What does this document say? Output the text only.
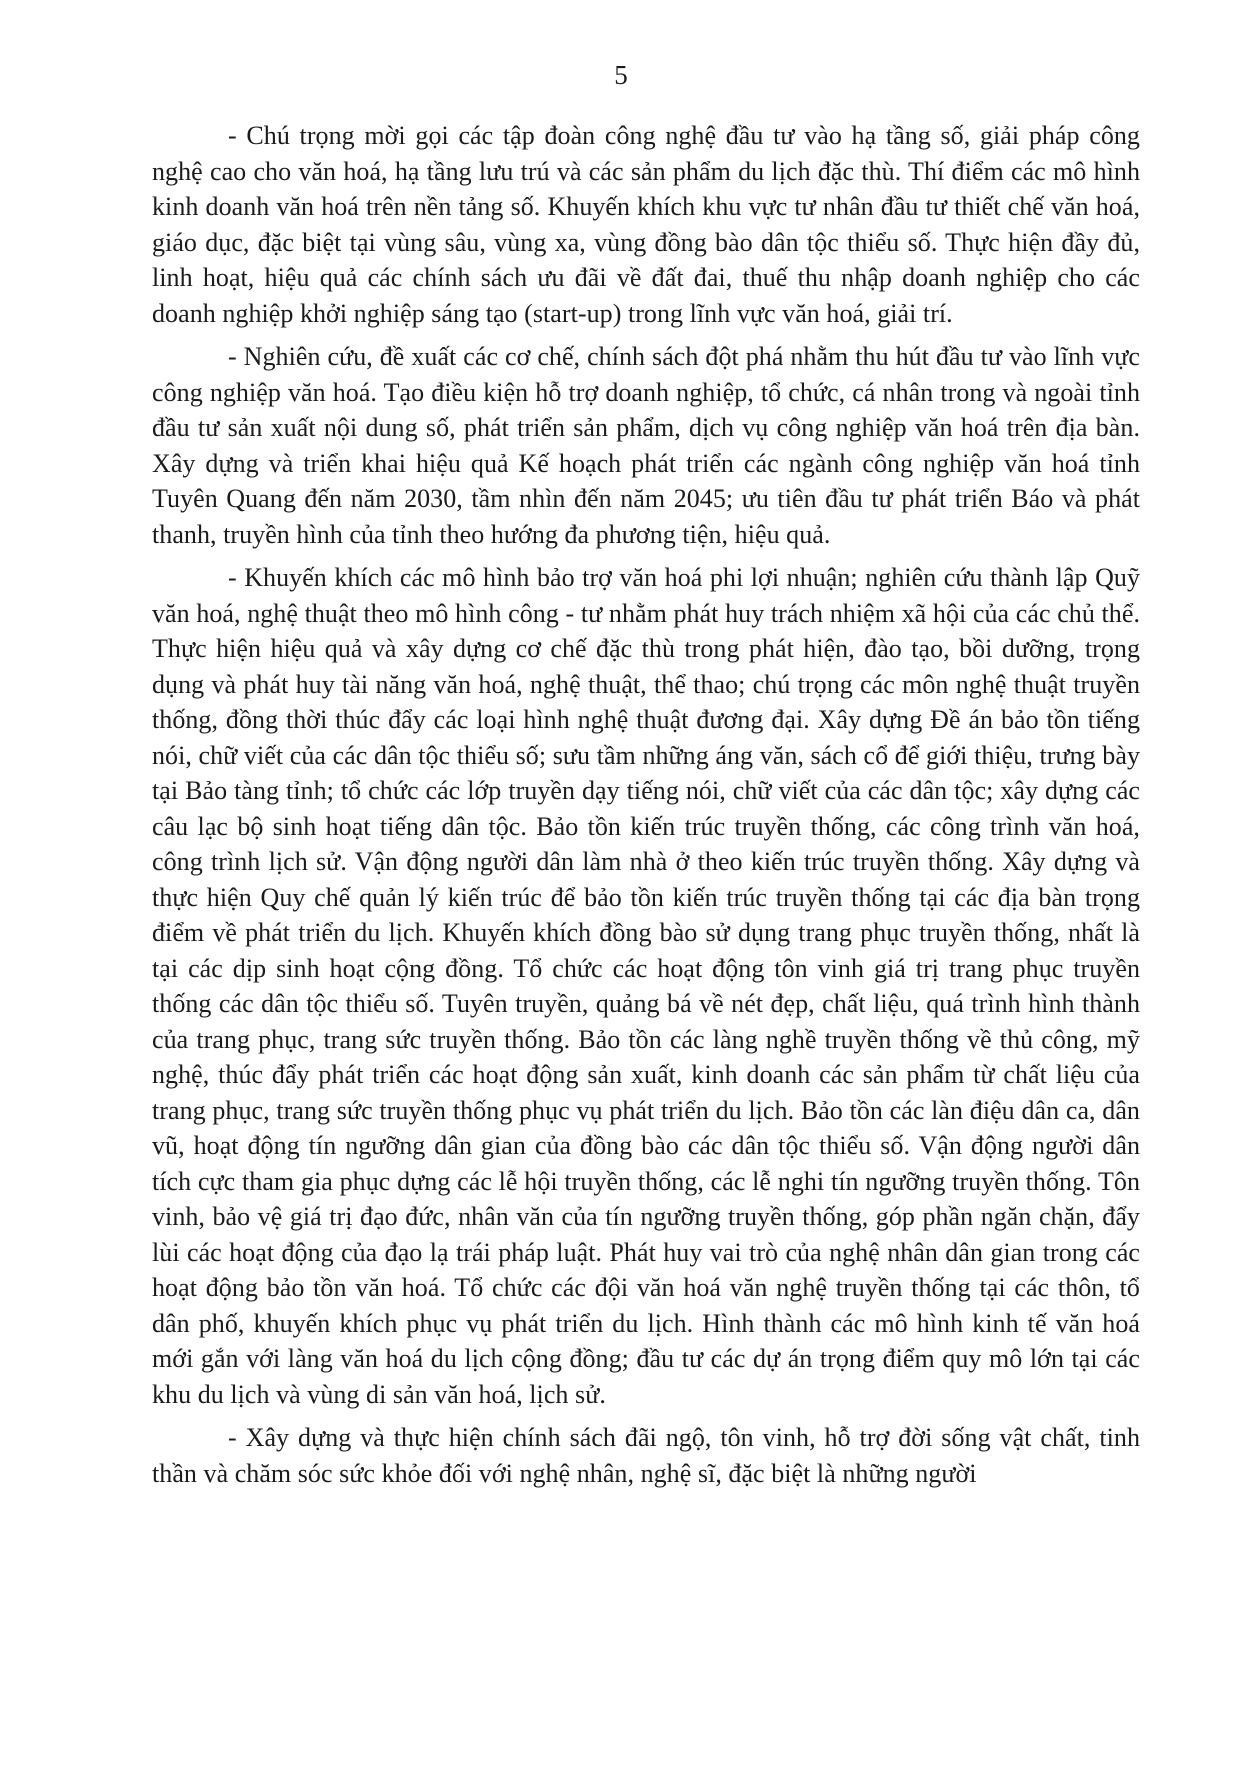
5

- Chú trọng mời gọi các tập đoàn công nghệ đầu tư vào hạ tầng số, giải pháp công nghệ cao cho văn hoá, hạ tầng lưu trú và các sản phẩm du lịch đặc thù. Thí điểm các mô hình kinh doanh văn hoá trên nền tảng số. Khuyến khích khu vực tư nhân đầu tư thiết chế văn hoá, giáo dục, đặc biệt tại vùng sâu, vùng xa, vùng đồng bào dân tộc thiểu số. Thực hiện đầy đủ, linh hoạt, hiệu quả các chính sách ưu đãi về đất đai, thuế thu nhập doanh nghiệp cho các doanh nghiệp khởi nghiệp sáng tạo (start-up) trong lĩnh vực văn hoá, giải trí.

- Nghiên cứu, đề xuất các cơ chế, chính sách đột phá nhằm thu hút đầu tư vào lĩnh vực công nghiệp văn hoá. Tạo điều kiện hỗ trợ doanh nghiệp, tổ chức, cá nhân trong và ngoài tỉnh đầu tư sản xuất nội dung số, phát triển sản phẩm, dịch vụ công nghiệp văn hoá trên địa bàn. Xây dựng và triển khai hiệu quả Kế hoạch phát triển các ngành công nghiệp văn hoá tỉnh Tuyên Quang đến năm 2030, tầm nhìn đến năm 2045; ưu tiên đầu tư phát triển Báo và phát thanh, truyền hình của tỉnh theo hướng đa phương tiện, hiệu quả.

- Khuyến khích các mô hình bảo trợ văn hoá phi lợi nhuận; nghiên cứu thành lập Quỹ văn hoá, nghệ thuật theo mô hình công - tư nhằm phát huy trách nhiệm xã hội của các chủ thể. Thực hiện hiệu quả và xây dựng cơ chế đặc thù trong phát hiện, đào tạo, bồi dưỡng, trọng dụng và phát huy tài năng văn hoá, nghệ thuật, thể thao; chú trọng các môn nghệ thuật truyền thống, đồng thời thúc đẩy các loại hình nghệ thuật đương đại. Xây dựng Đề án bảo tồn tiếng nói, chữ viết của các dân tộc thiểu số; sưu tầm những áng văn, sách cổ để giới thiệu, trưng bày tại Bảo tàng tỉnh; tổ chức các lớp truyền dạy tiếng nói, chữ viết của các dân tộc; xây dựng các câu lạc bộ sinh hoạt tiếng dân tộc. Bảo tồn kiến trúc truyền thống, các công trình văn hoá, công trình lịch sử. Vận động người dân làm nhà ở theo kiến trúc truyền thống. Xây dựng và thực hiện Quy chế quản lý kiến trúc để bảo tồn kiến trúc truyền thống tại các địa bàn trọng điểm về phát triển du lịch. Khuyến khích đồng bào sử dụng trang phục truyền thống, nhất là tại các dịp sinh hoạt cộng đồng. Tổ chức các hoạt động tôn vinh giá trị trang phục truyền thống các dân tộc thiểu số. Tuyên truyền, quảng bá về nét đẹp, chất liệu, quá trình hình thành của trang phục, trang sức truyền thống. Bảo tồn các làng nghề truyền thống về thủ công, mỹ nghệ, thúc đẩy phát triển các hoạt động sản xuất, kinh doanh các sản phẩm từ chất liệu của trang phục, trang sức truyền thống phục vụ phát triển du lịch. Bảo tồn các làn điệu dân ca, dân vũ, hoạt động tín ngưỡng dân gian của đồng bào các dân tộc thiểu số. Vận động người dân tích cực tham gia phục dựng các lễ hội truyền thống, các lễ nghi tín ngưỡng truyền thống. Tôn vinh, bảo vệ giá trị đạo đức, nhân văn của tín ngưỡng truyền thống, góp phần ngăn chặn, đẩy lùi các hoạt động của đạo lạ trái pháp luật. Phát huy vai trò của nghệ nhân dân gian trong các hoạt động bảo tồn văn hoá. Tổ chức các đội văn hoá văn nghệ truyền thống tại các thôn, tổ dân phố, khuyến khích phục vụ phát triển du lịch. Hình thành các mô hình kinh tế văn hoá mới gắn với làng văn hoá du lịch cộng đồng; đầu tư các dự án trọng điểm quy mô lớn tại các khu du lịch và vùng di sản văn hoá, lịch sử.

- Xây dựng và thực hiện chính sách đãi ngộ, tôn vinh, hỗ trợ đời sống vật chất, tinh thần và chăm sóc sức khỏe đối với nghệ nhân, nghệ sĩ, đặc biệt là những người
